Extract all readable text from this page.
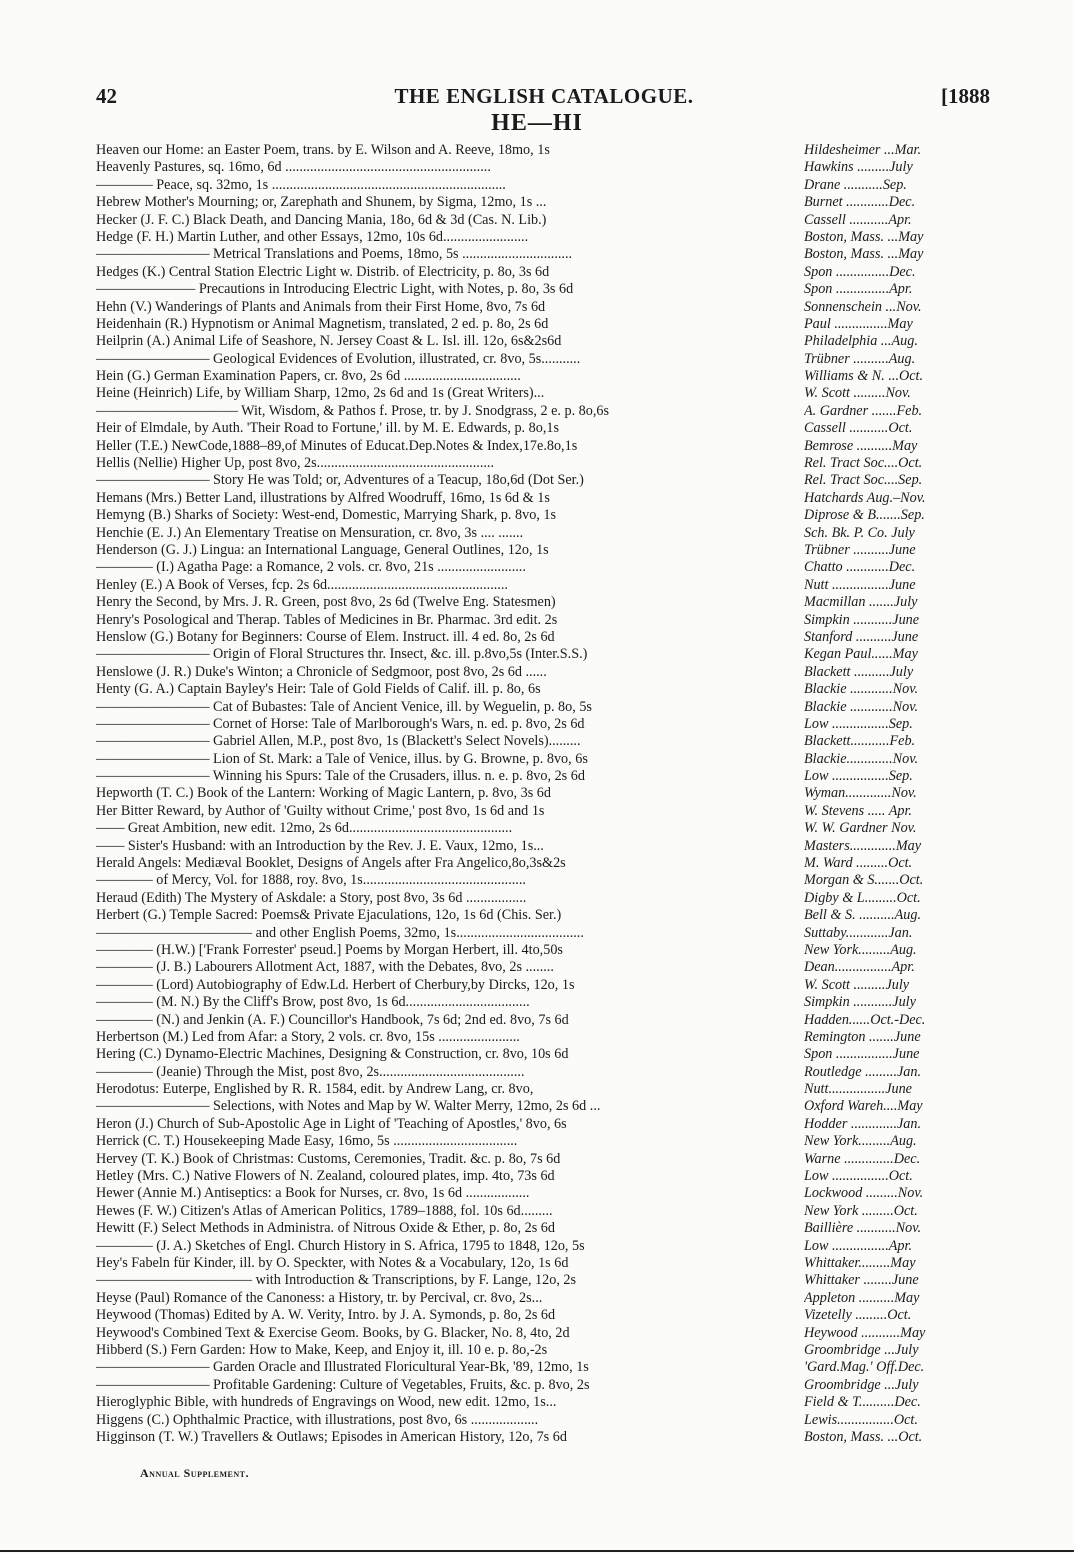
42	THE ENGLISH CATALOGUE.	[1888
HE—HI
Heaven our Home: an Easter Poem, trans. by E. Wilson and A. Reeve, 18mo, 1s	Hildesheimer ...Mar.
Heavenly Pastures, sq. 16mo, 6d ..........................................................	Hawkins .........July
———— Peace, sq. 32mo, 1s ..................................................................	Drane ...........Sep.
Hebrew Mother's Mourning; or, Zarephath and Shunem, by Sigma, 12mo, 1s ...	Burnet ............Dec.
Hecker (J. F. C.) Black Death, and Dancing Mania, 18o, 6d & 3d (Cas. N. Lib.)	Cassell ...........Apr.
Hedge (F. H.) Martin Luther, and other Essays, 12mo, 10s 6d........................	Boston, Mass. ...May
———————— Metrical Translations and Poems, 18mo, 5s ...............................	Boston, Mass. ...May
Hedges (K.) Central Station Electric Light w. Distrib. of Electricity, p. 8o, 3s 6d	Spon ...............Dec.
——————— Precautions in Introducing Electric Light, with Notes, p. 8o, 3s 6d	Spon ...............Apr.
Hehn (V.) Wanderings of Plants and Animals from their First Home, 8vo, 7s 6d	Sonnenschein ...Nov.
Heidenhain (R.) Hypnotism or Animal Magnetism, translated, 2 ed. p. 8o, 2s 6d	Paul ...............May
Heilprin (A.) Animal Life of Seashore, N. Jersey Coast & L. Isl. ill. 12o, 6s&2s6d	Philadelphia ...Aug.
———————— Geological Evidences of Evolution, illustrated, cr. 8vo, 5s...........	Trübner ..........Aug.
Hein (G.) German Examination Papers, cr. 8vo, 2s 6d .................................	Williams & N. ...Oct.
Heine (Heinrich) Life, by William Sharp, 12mo, 2s 6d and 1s (Great Writers)...	W. Scott .........Nov.
—————————— Wit, Wisdom, & Pathos f. Prose, tr. by J. Snodgrass, 2 e. p. 8o,6s	A. Gardner .......Feb.
Heir of Elmdale, by Auth. 'Their Road to Fortune,' ill. by M. E. Edwards, p. 8o,1s	Cassell ...........Oct.
Heller (T.E.) NewCode,1888–89,of Minutes of Educat.Dep.Notes & Index,17e.8o,1s	Bemrose ..........May
Hellis (Nellie) Higher Up, post 8vo, 2s..................................................	Rel. Tract Soc....Oct.
———————— Story He was Told; or, Adventures of a Teacup, 18o,6d (Dot Ser.)	Rel. Tract Soc....Sep.
Hemans (Mrs.) Better Land, illustrations by Alfred Woodruff, 16mo, 1s 6d & 1s	Hatchards Aug.–Nov.
Hemyng (B.) Sharks of Society: West-end, Domestic, Marrying Shark, p. 8vo, 1s	Diprose & B.......Sep.
Henchie (E. J.) An Elementary Treatise on Mensuration, cr. 8vo, 3s .... .......	Sch. Bk. P. Co. July
Henderson (G. J.) Lingua: an International Language, General Outlines, 12o, 1s	Trübner ..........June
———— (I.) Agatha Page: a Romance, 2 vols. cr. 8vo, 21s .........................	Chatto ............Dec.
Henley (E.) A Book of Verses, fcp. 2s 6d...................................................	Nutt ................June
Henry the Second, by Mrs. J. R. Green, post 8vo, 2s 6d (Twelve Eng. Statesmen)	Macmillan .......July
Henry's Posological and Therap. Tables of Medicines in Br. Pharmac. 3rd edit. 2s	Simpkin ...........June
Henslow (G.) Botany for Beginners: Course of Elem. Instruct. ill. 4 ed. 8o, 2s 6d	Stanford ..........June
———————— Origin of Floral Structures thr. Insect, &c. ill. p.8vo,5s (Inter.S.S.)	Kegan Paul......May
Henslowe (J. R.) Duke's Winton; a Chronicle of Sedgmoor, post 8vo, 2s 6d ......	Blackett ..........July
Henty (G. A.) Captain Bayley's Heir: Tale of Gold Fields of Calif. ill. p. 8o, 6s	Blackie ............Nov.
———————— Cat of Bubastes: Tale of Ancient Venice, ill. by Weguelin, p. 8o, 5s	Blackie ............Nov.
———————— Cornet of Horse: Tale of Marlborough's Wars, n. ed. p. 8vo, 2s 6d	Low ................Sep.
———————— Gabriel Allen, M.P., post 8vo, 1s (Blackett's Select Novels).........	Blackett...........Feb.
———————— Lion of St. Mark: a Tale of Venice, illus. by G. Browne, p. 8vo, 6s	Blackie.............Nov.
———————— Winning his Spurs: Tale of the Crusaders, illus. n. e. p. 8vo, 2s 6d	Low ................Sep.
Hepworth (T. C.) Book of the Lantern: Working of Magic Lantern, p. 8vo, 3s 6d	Wyman.............Nov.
Her Bitter Reward, by Author of 'Guilty without Crime,' post 8vo, 1s 6d and 1s	W. Stevens ..... Apr.
—— Great Ambition, new edit. 12mo, 2s 6d..............................................	W. W. Gardner Nov.
—— Sister's Husband: with an Introduction by the Rev. J. E. Vaux, 12mo, 1s...	Masters.............May
Herald Angels: Mediæval Booklet, Designs of Angels after Fra Angelico,8o,3s&2s	M. Ward .........Oct.
———— of Mercy, Vol. for 1888, roy. 8vo, 1s..............................................	Morgan & S.......Oct.
Heraud (Edith) The Mystery of Askdale: a Story, post 8vo, 3s 6d .................	Digby & L.........Oct.
Herbert (G.) Temple Sacred: Poems& Private Ejaculations, 12o, 1s 6d (Chis. Ser.)	Bell & S. ..........Aug.
——————————— and other English Poems, 32mo, 1s....................................	Suttaby............Jan.
———— (H.W.) ['Frank Forrester' pseud.] Poems by Morgan Herbert, ill. 4to,50s	New York.........Aug.
———— (J. B.) Labourers Allotment Act, 1887, with the Debates, 8vo, 2s ........	Dean................Apr.
———— (Lord) Autobiography of Edw.Ld. Herbert of Cherbury,by Dircks, 12o, 1s	W. Scott .........July
———— (M. N.) By the Cliff's Brow, post 8vo, 1s 6d...................................	Simpkin ...........July
———— (N.) and Jenkin (A. F.) Councillor's Handbook, 7s 6d; 2nd ed. 8vo, 7s 6d	Hadden......Oct.-Dec.
Herbertson (M.) Led from Afar: a Story, 2 vols. cr. 8vo, 15s .......................	Remington .......June
Hering (C.) Dynamo-Electric Machines, Designing & Construction, cr. 8vo, 10s 6d	Spon ................June
———— (Jeanie) Through the Mist, post 8vo, 2s.........................................	Routledge .........Jan.
Herodotus: Euterpe, Englished by R. R. 1584, edit. by Andrew Lang, cr. 8vo,	Nutt................June
———————— Selections, with Notes and Map by W. Walter Merry, 12mo, 2s 6d ...	Oxford Wareh....May
Heron (J.) Church of Sub-Apostolic Age in Light of 'Teaching of Apostles,' 8vo, 6s	Hodder .............Jan.
Herrick (C. T.) Housekeeping Made Easy, 16mo, 5s ...................................	New York.........Aug.
Hervey (T. K.) Book of Christmas: Customs, Ceremonies, Tradit. &c. p. 8o, 7s 6d	Warne ..............Dec.
Hetley (Mrs. C.) Native Flowers of N. Zealand, coloured plates, imp. 4to, 73s 6d	Low ................Oct.
Hewer (Annie M.) Antiseptics: a Book for Nurses, cr. 8vo, 1s 6d ..................	Lockwood .........Nov.
Hewes (F. W.) Citizen's Atlas of American Politics, 1789–1888, fol. 10s 6d.........	New York .........Oct.
Hewitt (F.) Select Methods in Administra. of Nitrous Oxide & Ether, p. 8o, 2s 6d	Baillière ...........Nov.
———— (J. A.) Sketches of Engl. Church History in S. Africa, 1795 to 1848, 12o, 5s	Low ................Apr.
Hey's Fabeln für Kinder, ill. by O. Speckter, with Notes & a Vocabulary, 12o, 1s 6d	Whittaker.........May
——————————— with Introduction & Transcriptions, by F. Lange, 12o, 2s	Whittaker ........June
Heyse (Paul) Romance of the Canoness: a History, tr. by Percival, cr. 8vo, 2s...	Appleton ..........May
Heywood (Thomas) Edited by A. W. Verity, Intro. by J. A. Symonds, p. 8o, 2s 6d	Vizetelly .........Oct.
Heywood's Combined Text & Exercise Geom. Books, by G. Blacker, No. 8, 4to, 2d	Heywood ...........May
Hibberd (S.) Fern Garden: How to Make, Keep, and Enjoy it, ill. 10 e. p. 8o,-2s	Groombridge ...July
———————— Garden Oracle and Illustrated Floricultural Year-Bk, '89, 12mo, 1s	'Gard.Mag.' Off.Dec.
———————— Profitable Gardening: Culture of Vegetables, Fruits, &c. p. 8vo, 2s	Groombridge ...July
Hieroglyphic Bible, with hundreds of Engravings on Wood, new edit. 12mo, 1s...	Field & T..........Dec.
Higgens (C.) Ophthalmic Practice, with illustrations, post 8vo, 6s ...................	Lewis................Oct.
Higginson (T. W.) Travellers & Outlaws; Episodes in American History, 12o, 7s 6d	Boston, Mass. ...Oct.
Annual Supplement.
